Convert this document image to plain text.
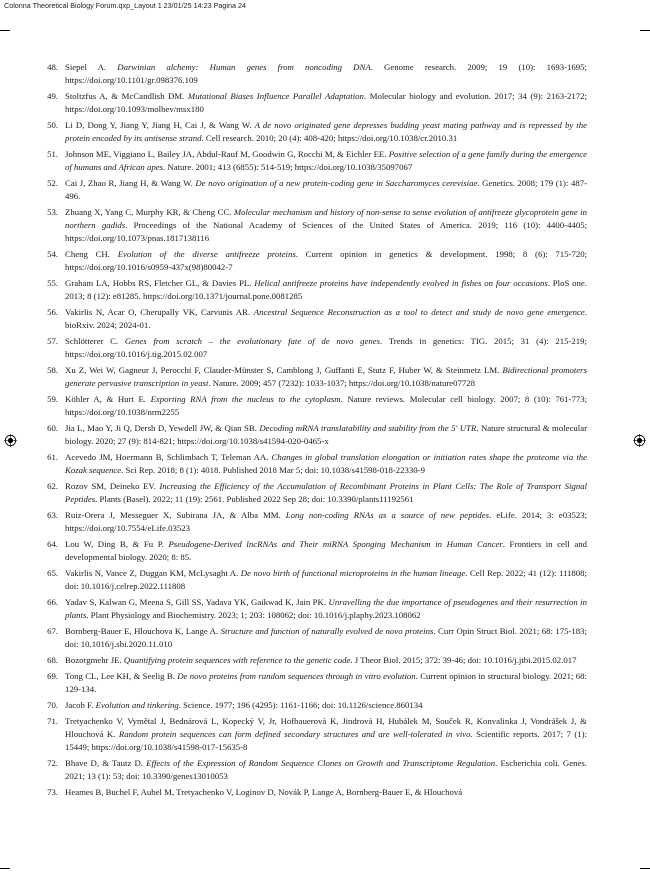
Colonna Theoretical Biology Forum.qxp_Layout 1 23/01/25 14:23 Pagina 24
48. Siepel A. Darwinian alchemy: Human genes from noncoding DNA. Genome research. 2009; 19 (10): 1693-1695; https://doi.org/10.1101/gr.098376.109
49. Stoltzfus A, & McCandlish DM. Mutational Biases Influence Parallel Adaptation. Molecular biology and evolution. 2017; 34 (9): 2163-2172; https://doi.org/10.1093/molbev/msx180
50. Li D, Dong Y, Jiang Y, Jiang H, Cai J, & Wang W. A de novo originated gene depresses budding yeast mating pathway and is repressed by the protein encoded by its antisense strand. Cell research. 2010; 20 (4): 408-420; https://doi.org/10.1038/cr.2010.31
51. Johnson ME, Viggiano L, Bailey JA, Abdul-Rauf M, Goodwin G, Rocchi M, & Eichler EE. Positive selection of a gene family during the emergence of humans and African apes. Nature. 2001; 413 (6855): 514-519; https://doi.org/10.1038/35097067
52. Cai J, Zhao R, Jiang H, & Wang W. De novo origination of a new protein-coding gene in Saccharomyces cerevisiae. Genetics. 2008; 179 (1): 487-496.
53. Zhuang X, Yang C, Murphy KR, & Cheng CC. Molecular mechanism and history of non-sense to sense evolution of antifreeze glycoprotein gene in northern gadids. Proceedings of the National Academy of Sciences of the United States of America. 2019; 116 (10): 4400-4405; https://doi.org/10.1073/pnas.1817138116
54. Cheng CH. Evolution of the diverse antifreeze proteins. Current opinion in genetics & development. 1998; 8 (6): 715-720; https://doi.org/10.1016/s0959-437x(98)80042-7
55. Graham LA, Hobbs RS, Fletcher GL, & Davies PL. Helical antifreeze proteins have independently evolved in fishes on four occasions. PloS one. 2013; 8 (12): e81285. https://doi.org/10.1371/journal.pone.0081285
56. Vakirlis N, Acar O, Cherupally VK, Carvunis AR. Ancestral Sequence Reconstruction as a tool to detect and study de novo gene emergence. bioRxiv. 2024; 2024-01.
57. Schlötterer C. Genes from scratch – the evolutionary fate of de novo genes. Trends in genetics: TIG. 2015; 31 (4): 215-219; https://doi.org/10.1016/j.tig.2015.02.007
58. Xu Z, Wei W, Gagneur J, Perocchi F, Clauder-Münster S, Camblong J, Guffanti E, Stutz F, Huber W, & Steinmetz LM. Bidirectional promoters generate pervasive transcription in yeast. Nature. 2009; 457 (7232): 1033-1037; https://doi.org/10.1038/nature07728
59. Köhler A, & Hurt E. Exporting RNA from the nucleus to the cytoplasm. Nature reviews. Molecular cell biology. 2007; 8 (10): 761-773; https://doi.org/10.1038/nrm2255
60. Jia L, Mao Y, Ji Q, Dersh D, Yewdell JW, & Qian SB. Decoding mRNA translatability and stability from the 5' UTR. Nature structural & molecular biology. 2020; 27 (9): 814-821; https://doi.org/10.1038/s41594-020-0465-x
61. Acevedo JM, Hoermann B, Schlimbach T, Teleman AA. Changes in global translation elongation or initiation rates shape the proteome via the Kozak sequence. Sci Rep. 2018; 8 (1): 4018. Published 2018 Mar 5; doi: 10.1038/s41598-018-22330-9
62. Rozov SM, Deineko EV. Increasing the Efficiency of the Accumulation of Recombinant Proteins in Plant Cells: The Role of Transport Signal Peptides. Plants (Basel). 2022; 11 (19): 2561. Published 2022 Sep 28; doi: 10.3390/plants11192561
63. Ruiz-Orera J, Messeguer X, Subirana JA, & Alba MM. Long non-coding RNAs as a source of new peptides. eLife. 2014; 3: e03523; https://doi.org/10.7554/eLife.03523
64. Lou W, Ding B, & Fu P. Pseudogene-Derived lncRNAs and Their miRNA Sponging Mechanism in Human Cancer. Frontiers in cell and developmental biology. 2020; 8: 85.
65. Vakirlis N, Vance Z, Duggan KM, McLysaght A. De novo birth of functional microproteins in the human lineage. Cell Rep. 2022; 41 (12): 111808; doi: 10.1016/j.celrep.2022.111808
66. Yadav S, Kalwan G, Meena S, Gill SS, Yadava YK, Gaikwad K, Jain PK. Unravelling the due importance of pseudogenes and their resurrection in plants. Plant Physiology and Biochemistry. 2023; 1; 203: 108062; doi: 10.1016/j.plaphy.2023.108062
67. Bornberg-Bauer E, Hlouchova K, Lange A. Structure and function of naturally evolved de novo proteins. Curr Opin Struct Biol. 2021; 68: 175-183; doi: 10.1016/j.sbi.2020.11.010
68. Bozorgmehr JE. Quantifying protein sequences with reference to the genetic code. J Theor Biol. 2015; 372: 39-46; doi: 10.1016/j.jtbi.2015.02.017
69. Tong CL, Lee KH, & Seelig B. De novo proteins from random sequences through in vitro evolution. Current opinion in structural biology. 2021; 68: 129-134.
70. Jacob F. Evolution and tinkering. Science. 1977; 196 (4295): 1161-1166; doi: 10.1126/science.860134
71. Tretyachenko V, Vymětal J, Bednárová L, Kopecký V, Jr, Hofbauerová K, Jindrová H, Hubálek M, Souček R, Konvalinka J, Vondrášek J, & Hlouchová K. Random protein sequences can form defined secondary structures and are well-tolerated in vivo. Scientific reports. 2017; 7 (1): 15449; https://doi.org/10.1038/s41598-017-15635-8
72. Bhave D, & Tautz D. Effects of the Expression of Random Sequence Clones on Growth and Transcriptome Regulation. Escherichia coli. Genes. 2021; 13 (1): 53; doi: 10.3390/genes13010053
73. Heames B, Buchel F, Aubel M, Tretyachenko V, Loginov D, Novák P, Lange A, Bornberg-Bauer E, & Hlouchová
